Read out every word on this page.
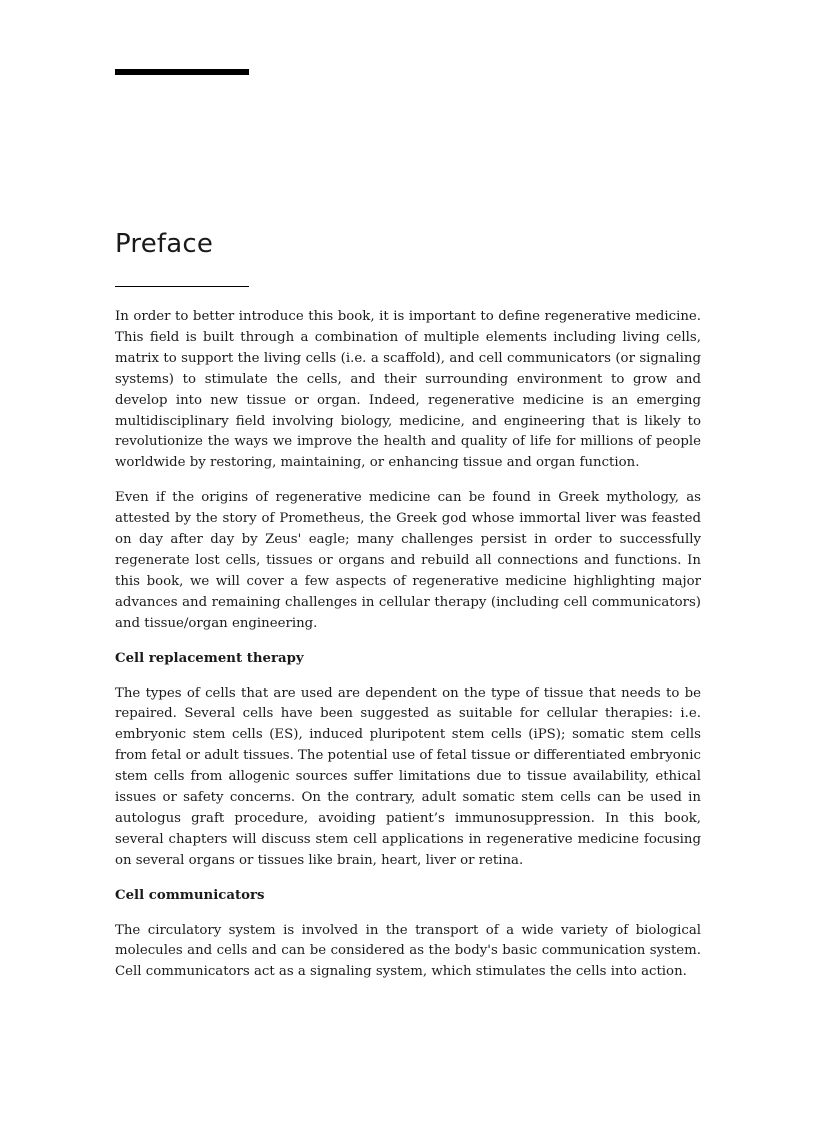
Preface

In order to better introduce this book, it is important to define regenerative medicine. This field is built through a combination of multiple elements including living cells, matrix to support the living cells (i.e. a scaffold), and cell communicators (or signaling systems) to stimulate the cells, and their surrounding environment to grow and develop into new tissue or organ. Indeed, regenerative medicine is an emerging multidisciplinary field involving biology, medicine, and engineering that is likely to revolutionize the ways we improve the health and quality of life for millions of people worldwide by restoring, maintaining, or enhancing tissue and organ function.

Even if the origins of regenerative medicine can be found in Greek mythology, as attested by the story of Prometheus, the Greek god whose immortal liver was feasted on day after day by Zeus' eagle; many challenges persist in order to successfully regenerate lost cells, tissues or organs and rebuild all connections and functions. In this book, we will cover a few aspects of regenerative medicine highlighting major advances and remaining challenges in cellular therapy (including cell communicators) and tissue/organ engineering.

Cell replacement therapy

The types of cells that are used are dependent on the type of tissue that needs to be repaired. Several cells have been suggested as suitable for cellular therapies: i.e. embryonic stem cells (ES), induced pluripotent stem cells (iPS); somatic stem cells from fetal or adult tissues. The potential use of fetal tissue or differentiated embryonic stem cells from allogenic sources suffer limitations due to tissue availability, ethical issues or safety concerns. On the contrary, adult somatic stem cells can be used in autologus graft procedure, avoiding patient’s immunosuppression. In this book, several chapters will discuss stem cell applications in regenerative medicine focusing on several organs or tissues like brain, heart, liver or retina.

Cell communicators

The circulatory system is involved in the transport of a wide variety of biological molecules and cells and can be considered as the body's basic communication system. Cell communicators act as a signaling system, which stimulates the cells into action.
